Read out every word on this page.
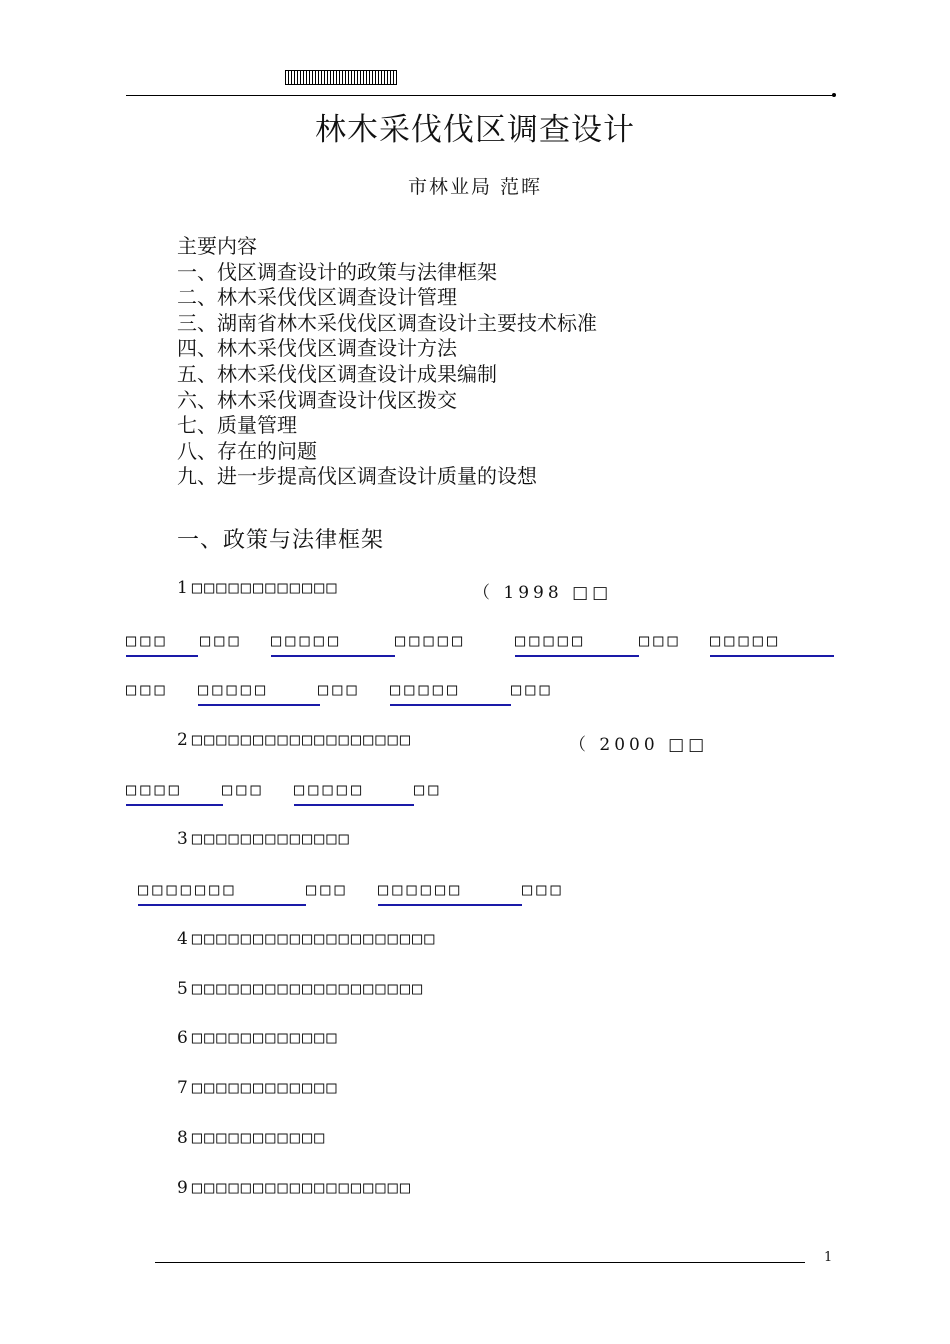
林木采伐伐区调查设计
市林业局 范晖
主要内容
一、伐区调查设计的政策与法律框架
二、林木采伐伐区调查设计管理
三、湖南省林木采伐伐区调查设计主要技术标准
四、林木采伐伐区调查设计方法
五、林木采伐伐区调查设计成果编制
六、林木采伐调查设计伐区拨交
七、质量管理
八、存在的问题
九、进一步提高伐区调查设计质量的设想
一、政策与法律框架
1□□□□□□□□□□□□	（ 1998 □□
□□□	□□□ □□□□□	□□□□□	□□□□□	□□□ □□□□□
□□□ □□□□□	□□□ □□□□□	□□□
2□□□□□□□□□□□□□□□□□□	（ 2000 □□
□□□□	□□□ □□□□□	□□
3□□□□□□□□□□□□□
□□□□□□□	□□□ □□□□□□	□□□
4□□□□□□□□□□□□□□□□□□□□
5□□□□□□□□□□□□□□□□□□□
6□□□□□□□□□□□□
7□□□□□□□□□□□□
8□□□□□□□□□□□
9□□□□□□□□□□□□□□□□□□
1
